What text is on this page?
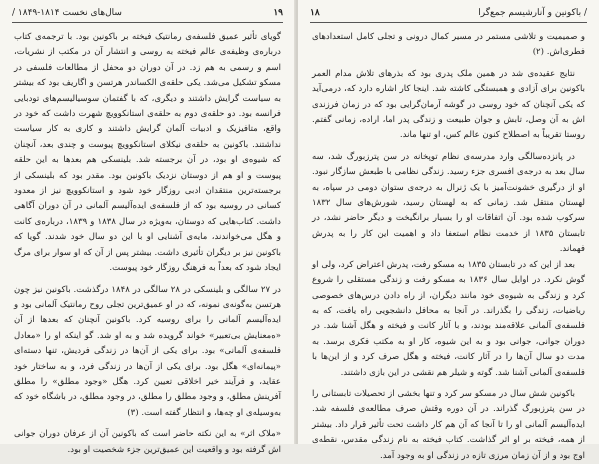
۱۹
سال‌های نخست ۱۸۱۴-۱۸۴۹ /

گویای تأثیر عمیق فلسفه‌ی رمانتیک فیخته بر باکونین بود. با ترجمه‌ی کتاب درباره‌ی وظیفه‌ی عالم فیخته به روسی و انتشار آن در مکتب از نشریات، اسم و رسمی به هم زد. در آن دوران دو محفل از مطالعات فلسفی در مسکو تشکیل می‌شد. یکی حلقه‌ی الکساندر هرتسن و اگاریف بود که بیشتر به سیاست گرایش داشتند و دیگری، که با گفتمان سوسیالیسم‌های تودبایی فرانسه بود. دو حلقه‌ی دوم به حلقه‌ی استانکوویچ شهرت داشت که خود در واقع، متافیزیک و ادبیات آلمان گرایش داشتند و کاری به کار سیاست نداشتند. باکونین به حلقه‌ی نیکلای استانکوویچ پیوست و چندی بعد، آنچنان که شیوه‌ی او بود، در آن برجسته شد. بلینسکی هم بعدها به این حلقه پیوست و او هم از دوستان نزدیک باکونین بود. مقدر بود که بلینسکی از برجسته‌ترین منتقدان ادبی روزگار خود شود و استانکوویچ نیز از معدود کسانی در روسیه بود که از فلسفه‌ی ایده‌آلیسم آلمانی در آن دوران آگاهی داشت. کتاب‌هایی که دوستان، به‌ویژه در سال ۱۸۳۸ و ۱۸۳۹، درباره‌ی کانت و هگل می‌خواندند، مایه‌ی آشنایی او با این دو سال خود شدند. گویا که باکونین نیز بر دیگران تأثیری داشت. بیشتر پس از آن که او سوار برای مرگ ایجاد شود که بعداً به فرهنگ روزگار خود پیوست.

در ۲۷ سالگی و بلینسکی در ۲۸ سالگی در ۱۸۴۸ درگذشت. باکونین نیز چون هرتسن به‌گونه‌ی نمونه، که در او عمیق‌ترین تجلی روح رمانتیک آلمانی بود و ایده‌آلیسم آلمانی را برای روسیه کرد. باکونین آنچنان که بعدها از آن «ه‌معنایش بی‌تعبیر» خواند گرویده شد و به او شد. گو اینکه او را «معادل فلسفه‌ی آلمانی» بود. برای یکی از آن‌ها در زندگی فردیش، تنها دسته‌ای «پیمانه‌ای» هگل بود. برای یکی از آن‌ها در زندگی فرد، و به ساختار خود عقاید، و فرآیند خیر اخلاقی تعیین کرد. هگل «وجود مطلق» را مطلق آفرینش مطلق، و وجود مطلق را مطلق، در وجود مطلق، در باشگاه خود که به‌وسیله‌ی او چه‌ها، و انتظار گفته است. (۳)

«ملاک اثر» به این نکته حاضر است که باکونین آن از عرفان دوران جوانی اش گرفته بود و واقعیت این عمیق‌ترین جزء شخصیت او بود.

/ باکونین و آنارشیسم جمع‌گرا
۱۸

و صمیمیت و تلاشی مستمر در مسیر کمال درونی و تجلی کامل استعدادهای فطری‌اش. (۲)

نتایج عقیده‌ی شد در همین ملک پدری بود که بذرهای تلاش مدام العمر باکونین برای آزادی و همبستگی کاشته شد. اینجا کار اشاره دارد که، درمی‌آید که یکی آنچنان که خود روسی در گوشه آرمان‌گرایی بود که در زمان فرزندی اش به آن وصل، تابش و جوان طبیعت و زندگی پدر اما، اراده، زمانی گفتم. روستا تقریباً به اصطلاح کنون عالم کس، او تنها ماند.

در پانزده‌سالگی وارد مدرسه‌ی نظام توپخانه در سن پترزبورگ شد، سه سال بعد به درجه‌ی افسری جزء رسید. زندگی نظامی با طبعش سازگار نبود. او از درگیری خشونت‌آمیز با یک ژنرال به درجه‌ی ستوان دومی در سپاه، به لهستان منتقل شد. زمانی که به لهستان رسید، شورش‌های سال ۱۸۳۲ سرکوب شده بود. آن اتفاقات او را بسیار برانگیخت و دیگر حاضر نشد، در تابستان ۱۸۳۵ از خدمت نظام استعفا داد و اهمیت این کار را به پدرش فهماند.

بعد از این که در تابستان ۱۸۳۵ به مسکو رفت، پدرش اعتراض کرد، ولی او گوش نکرد. در اوایل سال ۱۸۳۶ به مسکو رفت و زندگی مستقلی را شروع کرد و زندگی به شیوه‌ی خود مانند دیگران، از راه دادن درس‌های خصوصی ریاضیات، زندگی را بگذراند. در آنجا به محافل دانشجویی راه یافت، که به فلسفه‌ی آلمانی علاقه‌مند بودند، و با آثار کانت و فیخته و هگل آشنا شد. در دوران جوانی، جوانی بود و به این شیوه، کار او به مکتب فکری برسد. به مدت دو سال آن‌ها را در آثار کانت، فیخته و هگل صرف کرد و از این‌ها با فلسفه‌ی آلمانی آشنا شد. گوته و شیلر هم نقشی در این بازی داشتند.

باکونین شش سال در مسکو سر کرد و تنها بخشی از تحصیلات تابستانی را در سن پترزبورگ گذراند. در آن دوره وقتش صرف مطالعه‌ی فلسفه شد. ایده‌آلیسم آلمانی او را تا آنجا که آن هم کار داشت تحت تأثیر قرار داد. بیشتر از همه، فیخته بر او اثر گذاشت. کتاب فیخته به نام زندگی مقدس، نقطه‌ی اوج بود و از آن زمان مرزی تازه در زندگی او به وجود آمد.
